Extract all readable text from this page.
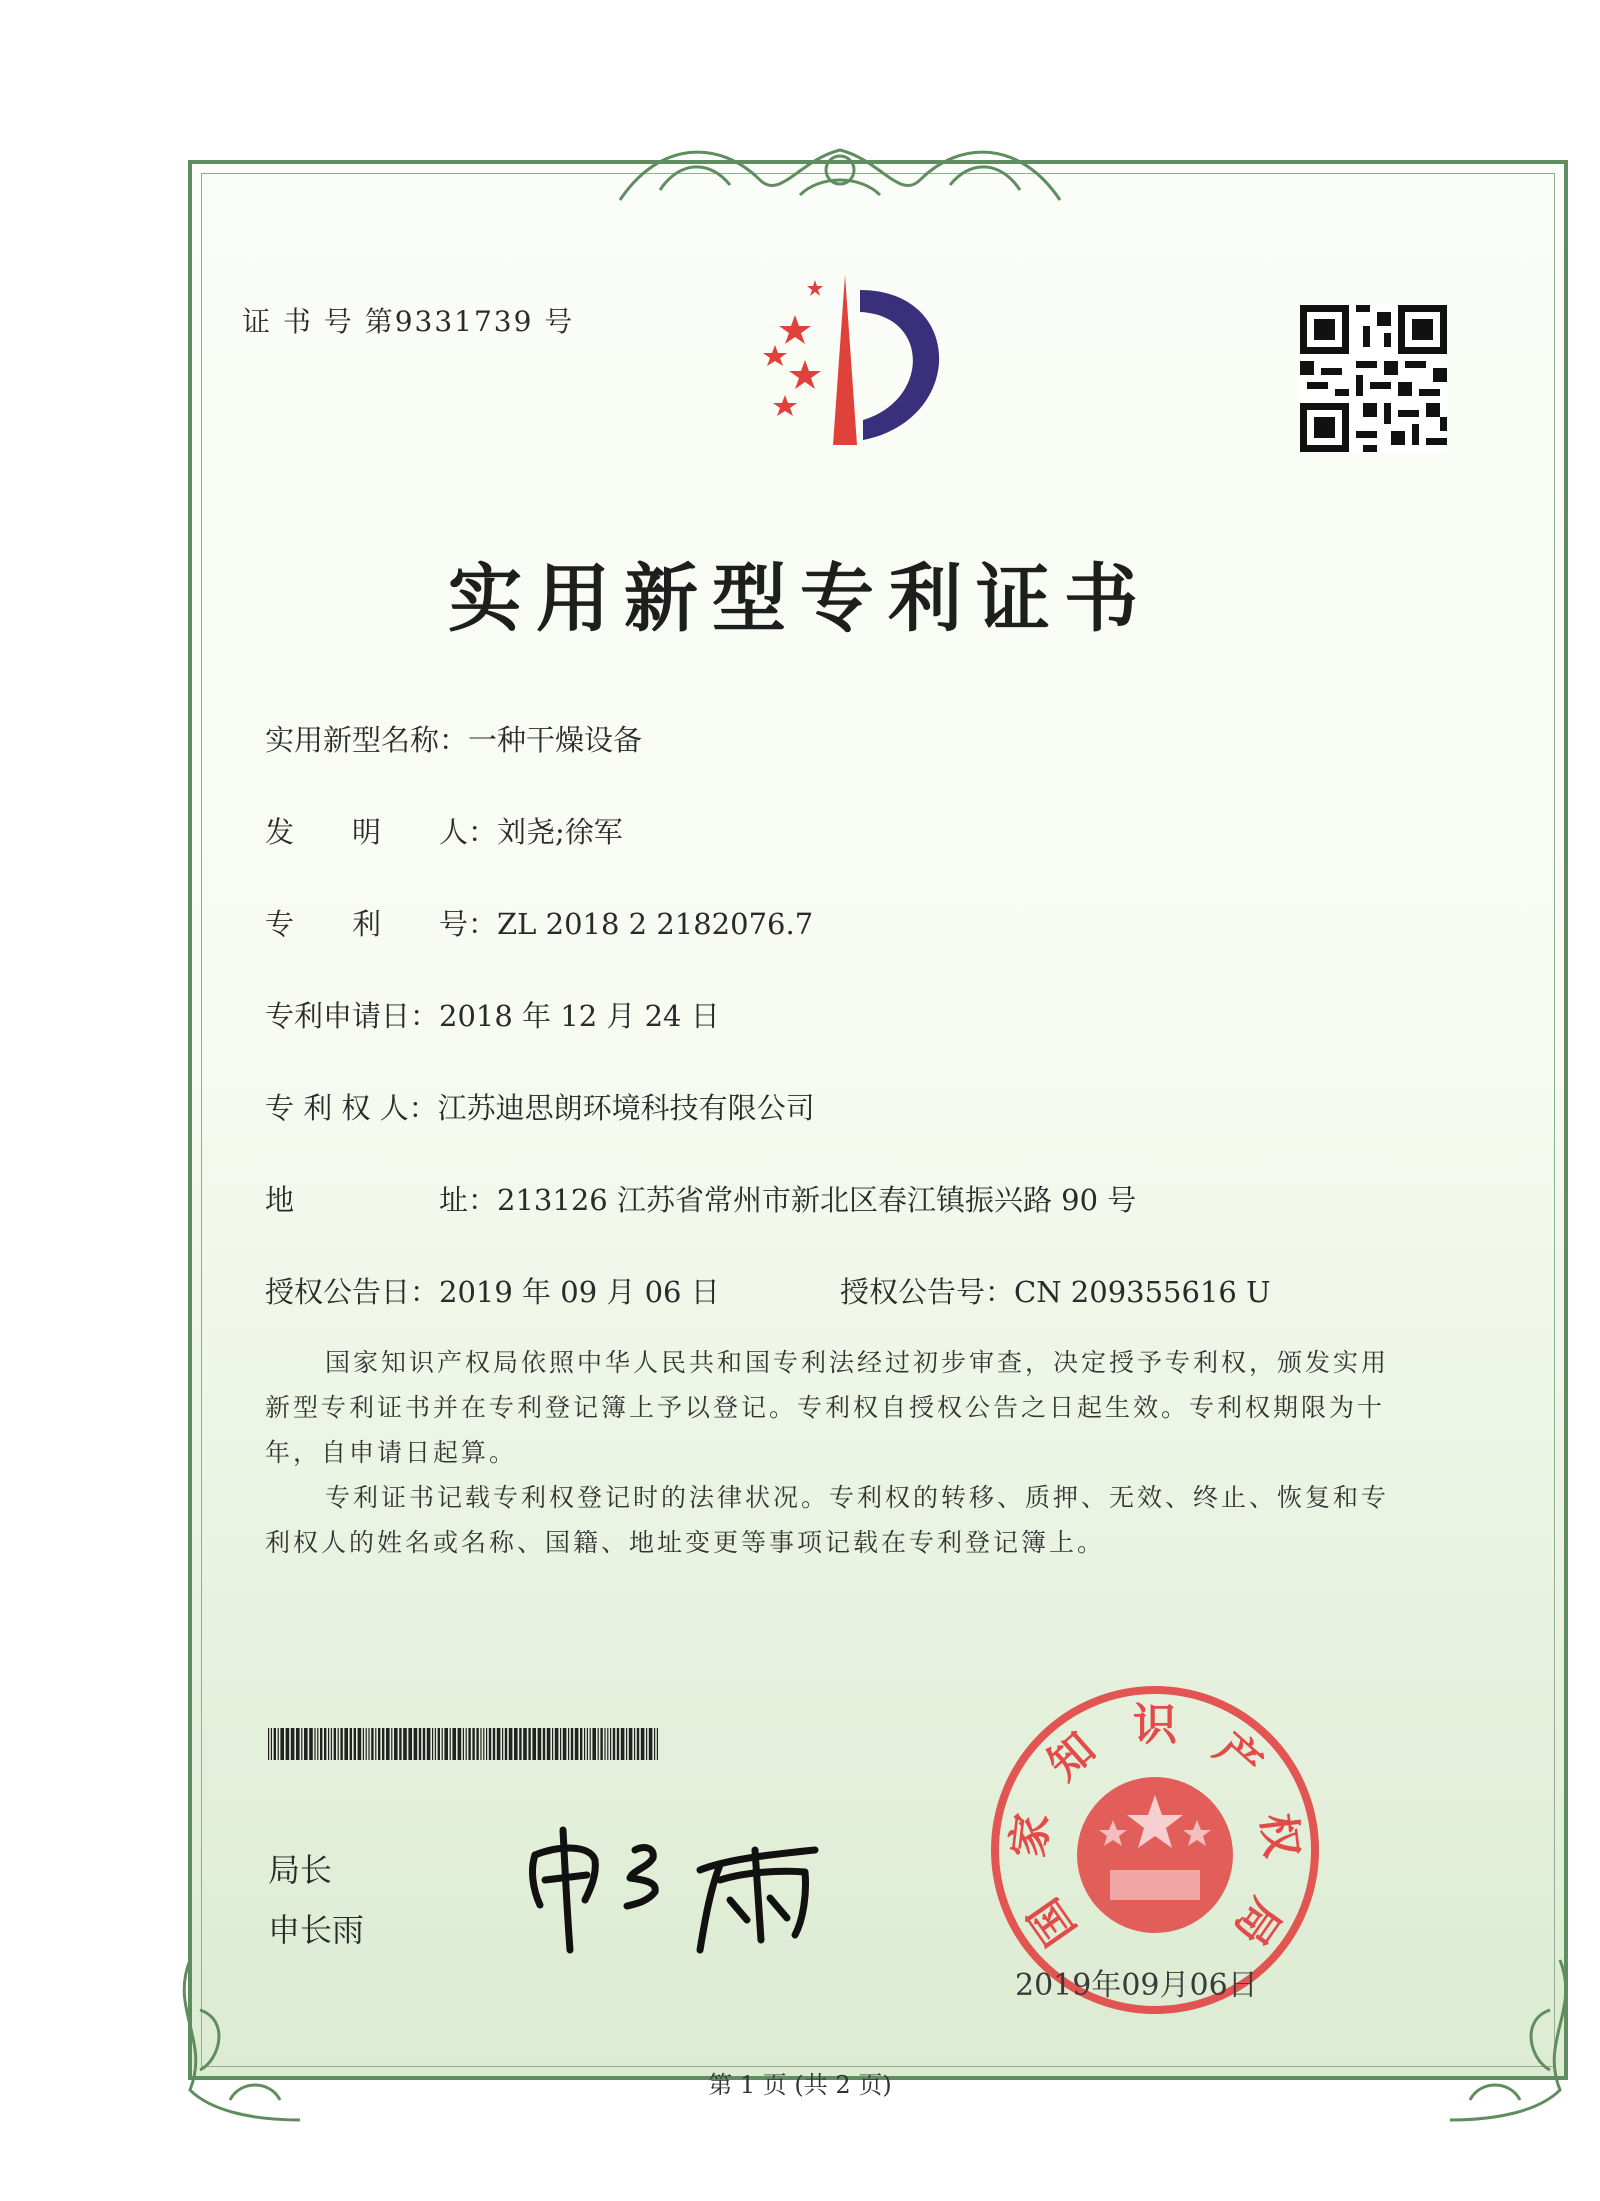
证 书 号 第9331739 号
实用新型专利证书
实用新型名称：一种干燥设备
发　　明　　人：刘尧;徐军
专　　利　　号：ZL 2018 2 2182076.7
专利申请日：2018 年 12 月 24 日
专 利 权 人：江苏迪思朗环境科技有限公司
地　　　　　址：213126 江苏省常州市新北区春江镇振兴路 90 号
授权公告日：2019 年 09 月 06 日	授权公告号：CN 209355616 U
国家知识产权局依照中华人民共和国专利法经过初步审查，决定授予专利权，颁发实用新型专利证书并在专利登记簿上予以登记。专利权自授权公告之日起生效。专利权期限为十年，自申请日起算。
专利证书记载专利权登记时的法律状况。专利权的转移、质押、无效、终止、恢复和专利权人的姓名或名称、国籍、地址变更等事项记载在专利登记簿上。
局长
申长雨	国
家
知 识 产
权
局
2019年09月06日
第 1 页 (共 2 页)
